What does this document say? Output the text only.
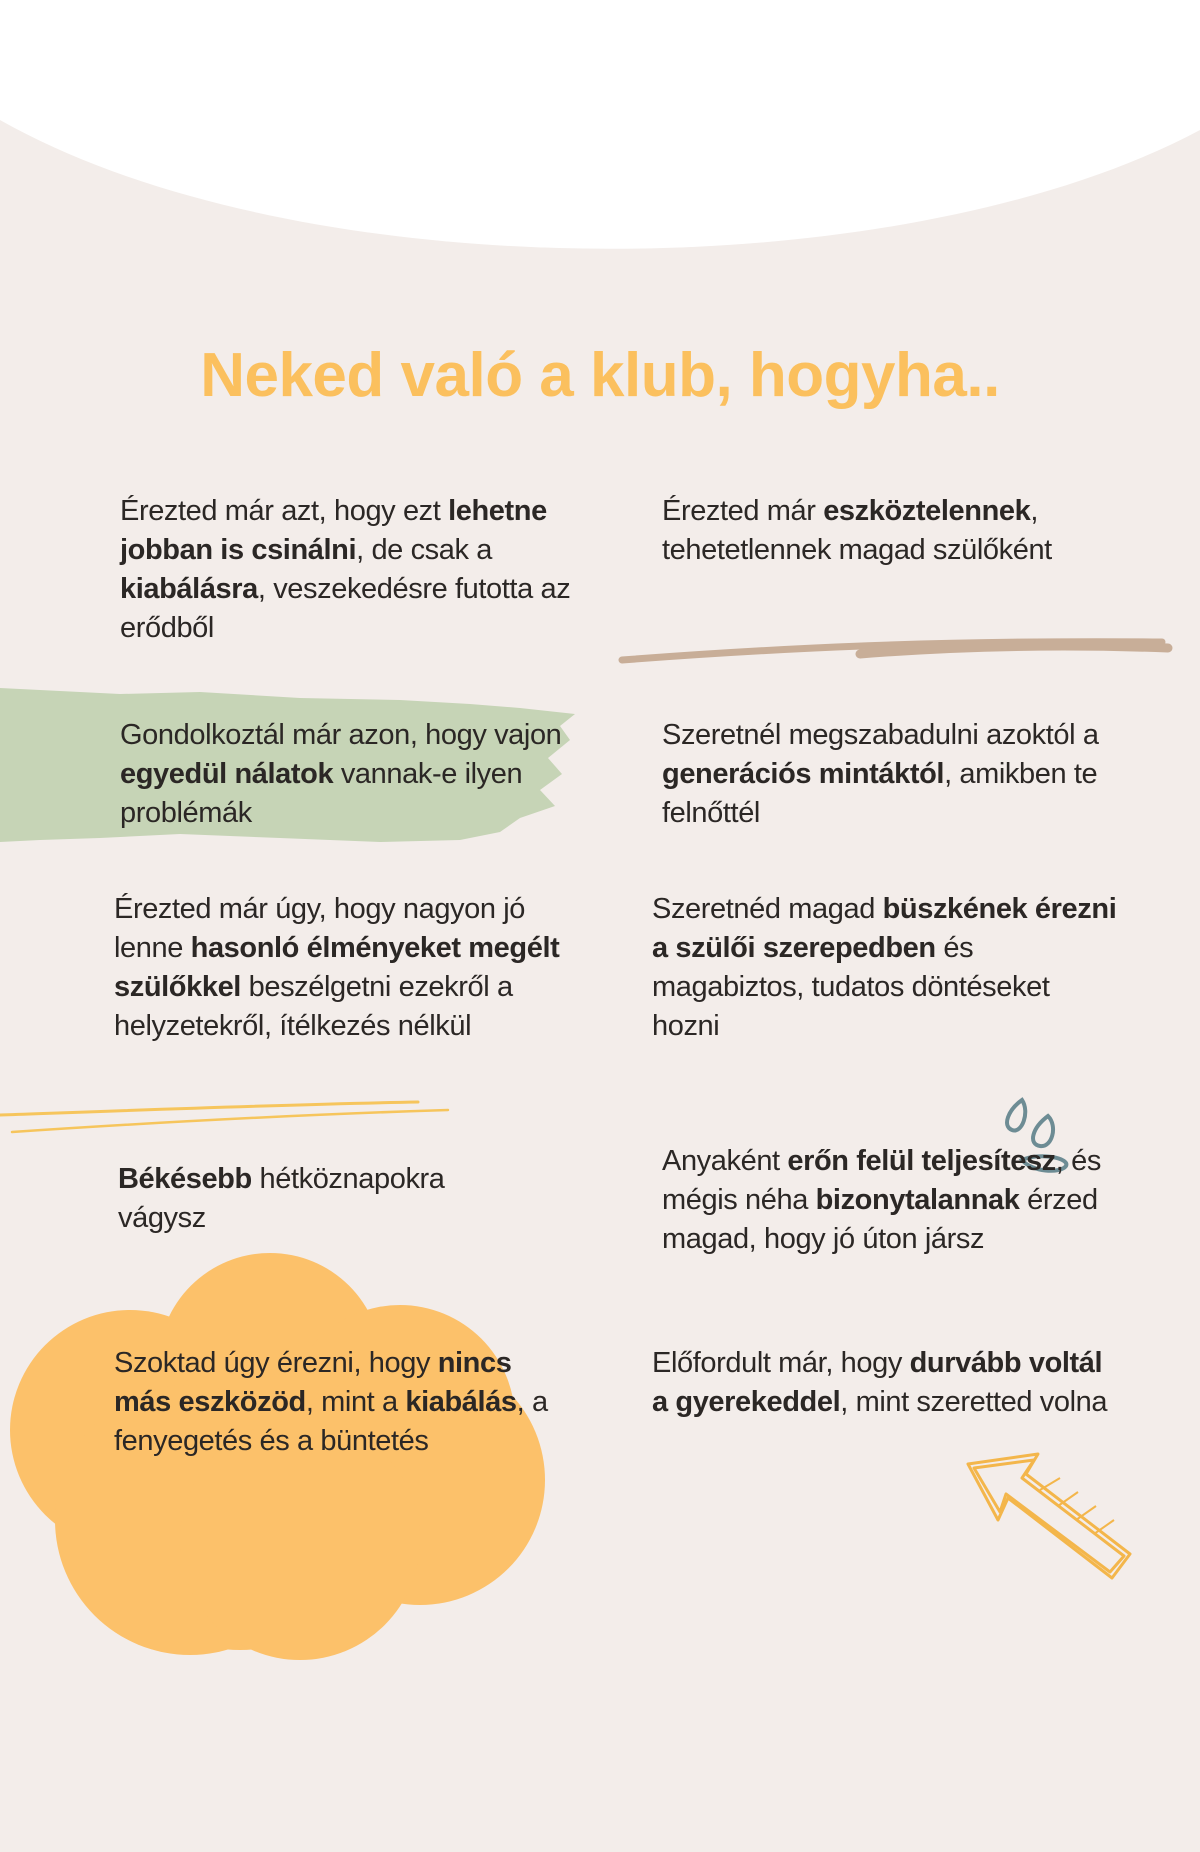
Neked való a klub, hogyha..
Érezted már azt, hogy ezt lehetne jobban is csinálni, de csak a kiabálásra, veszekedésre futotta az erődből
Érezted már eszköztelennek, tehetetlennek magad szülőként
Gondolkoztál már azon, hogy vajon egyedül nálatok vannak-e ilyen problémák
Szeretnél megszabadulni azoktól a generációs mintáktól, amikben te felnőttél
Érezted már úgy, hogy nagyon jó lenne hasonló élményeket megélt szülőkkel beszélgetni ezekről a helyzetekről, ítélkezés nélkül
Szeretnéd magad büszkének érezni a szülői szerepedben és magabiztos, tudatos döntéseket hozni
Békésebb hétköznapokra vágysz
Anyaként erőn felül teljesítesz, és mégis néha bizonytalannak érzed magad, hogy jó úton jársz
Szoktad úgy érezni, hogy nincs más eszközöd, mint a kiabálás, a fenyegetés és a büntetés
Előfordult már, hogy durvább voltál a gyerekeddel, mint szeretted volna
